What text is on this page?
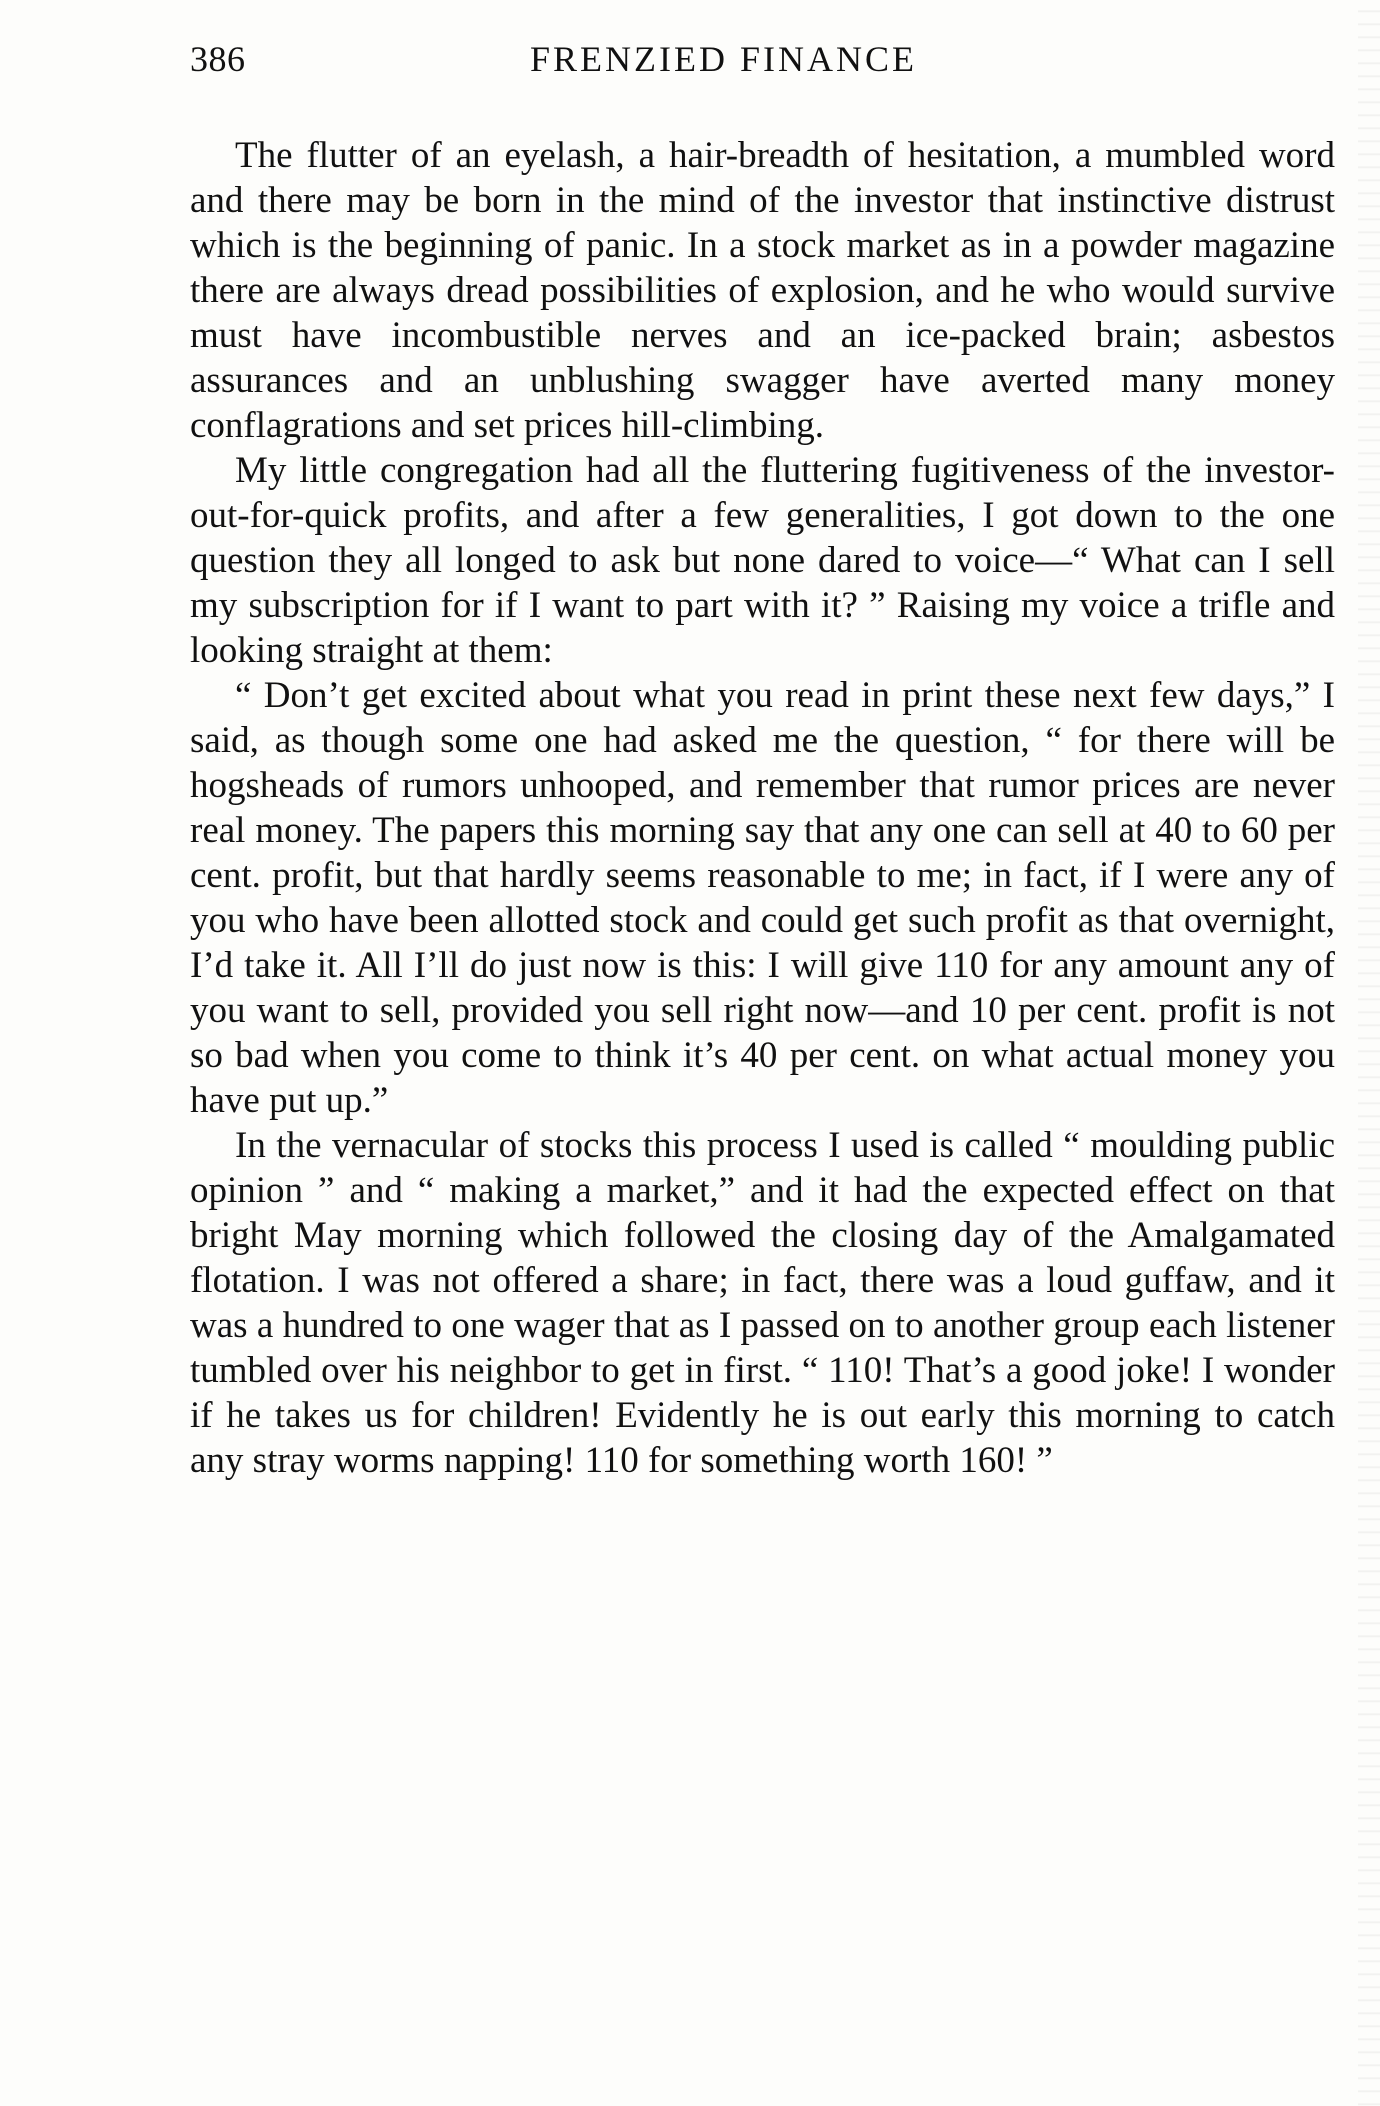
386	FRENZIED FINANCE

The flutter of an eyelash, a hair-breadth of hesitation, a mumbled word and there may be born in the mind of the investor that instinctive distrust which is the beginning of panic. In a stock market as in a powder magazine there are always dread possibilities of explosion, and he who would survive must have incombustible nerves and an ice-packed brain; asbestos assurances and an unblushing swagger have averted many money conflagrations and set prices hill-climbing.

My little congregation had all the fluttering fugitiveness of the investor-out-for-quick profits, and after a few generalities, I got down to the one question they all longed to ask but none dared to voice—“ What can I sell my subscription for if I want to part with it? ” Raising my voice a trifle and looking straight at them:

“ Don’t get excited about what you read in print these next few days,” I said, as though some one had asked me the question, “ for there will be hogsheads of rumors unhooped, and remember that rumor prices are never real money. The papers this morning say that any one can sell at 40 to 60 per cent. profit, but that hardly seems reasonable to me; in fact, if I were any of you who have been allotted stock and could get such profit as that overnight, I’d take it. All I’ll do just now is this: I will give 110 for any amount any of you want to sell, provided you sell right now—and 10 per cent. profit is not so bad when you come to think it’s 40 per cent. on what actual money you have put up.”

In the vernacular of stocks this process I used is called “ moulding public opinion ” and “ making a market,” and it had the expected effect on that bright May morning which followed the closing day of the Amalgamated flotation. I was not offered a share; in fact, there was a loud guffaw, and it was a hundred to one wager that as I passed on to another group each listener tumbled over his neighbor to get in first. “ 110! That’s a good joke! I wonder if he takes us for children! Evidently he is out early this morning to catch any stray worms napping! 110 for something worth 160! ”
